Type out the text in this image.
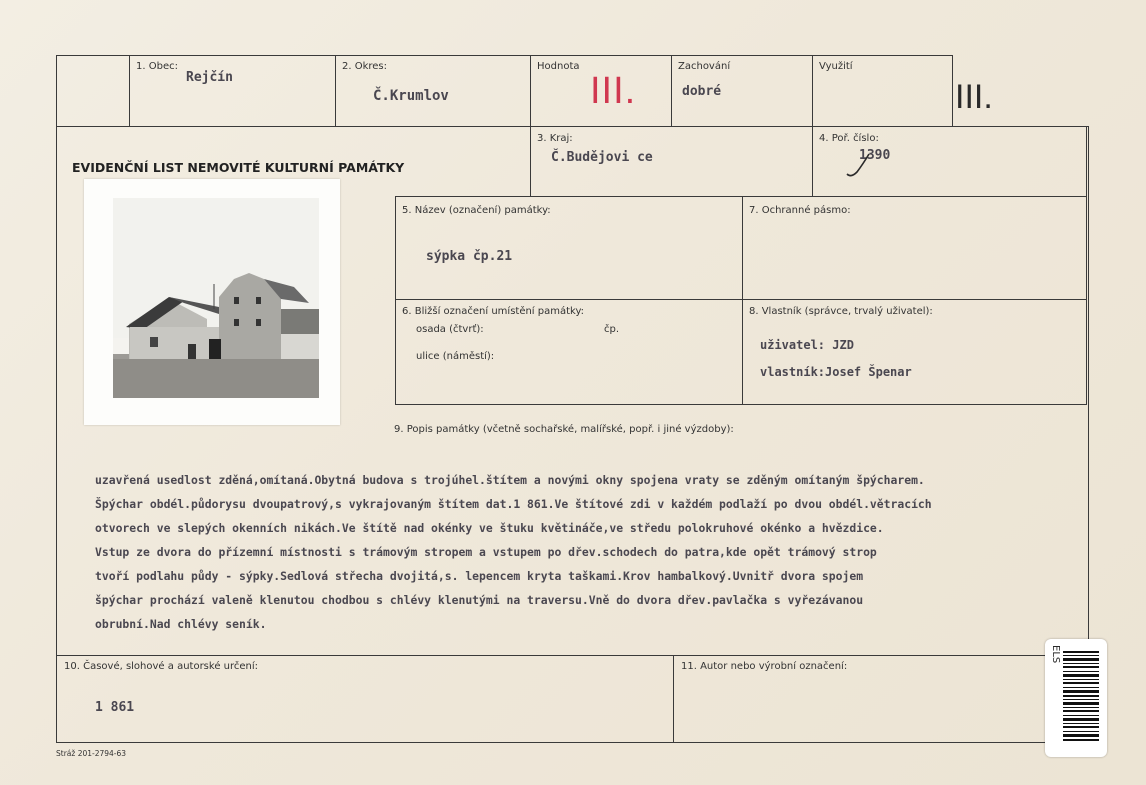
1. Obec:
Rejčín
2. Okres:
Č.Krumlov
Hodnota
III.
Zachování
dobré
Využití
III.
EVIDENČNÍ LIST NEMOVITÉ KULTURNÍ PAMÁTKY
3. Kraj:
Č.Budějovi ce
4. Poř. číslo:
1390
5. Název (označení) památky:
sýpka čp.21
7. Ochranné pásmo:
6. Bližší označení umístění památky:
osada (čtvrť):	čp.
ulice (náměstí):
8. Vlastník (správce, trvalý uživatel):
uživatel: JZD
vlastník:Josef Špenar
9. Popis památky (včetně sochařské, malířské, popř. i jiné výzdoby):
uzavřená usedlost zděná,omítaná.Obytná budova s trojúhel.štítem a novými okny spojena vraty se zděným omítaným špýcharem.
Špýchar obdél.půdorysu dvoupatrový,s vykrajovaným štítem dat.1 861.Ve štítové zdi v každém podlaží po dvou obdél.větracích
otvorech ve slepých okenních nikách.Ve štítě nad okénky ve štuku květináče,ve středu polokruhové okénko a hvězdice.
Vstup ze dvora do přízemní místnosti s trámovým stropem a vstupem po dřev.schodech do patra,kde opět trámový strop
tvoří podlahu půdy - sýpky.Sedlová střecha dvojitá,s. lepencem kryta taškami.Krov hambalkový.Uvnitř dvora spojem
špýchar prochází valeně klenutou chodbou s chlévy klenutými na traversu.Vně do dvora dřev.pavlačka s vyřezávanou
obrubní.Nad chlévy seník.
10. Časové, slohové a autorské určení:
1 861
11. Autor nebo výrobní označení:
Stráž 201-2794-63
ELS
